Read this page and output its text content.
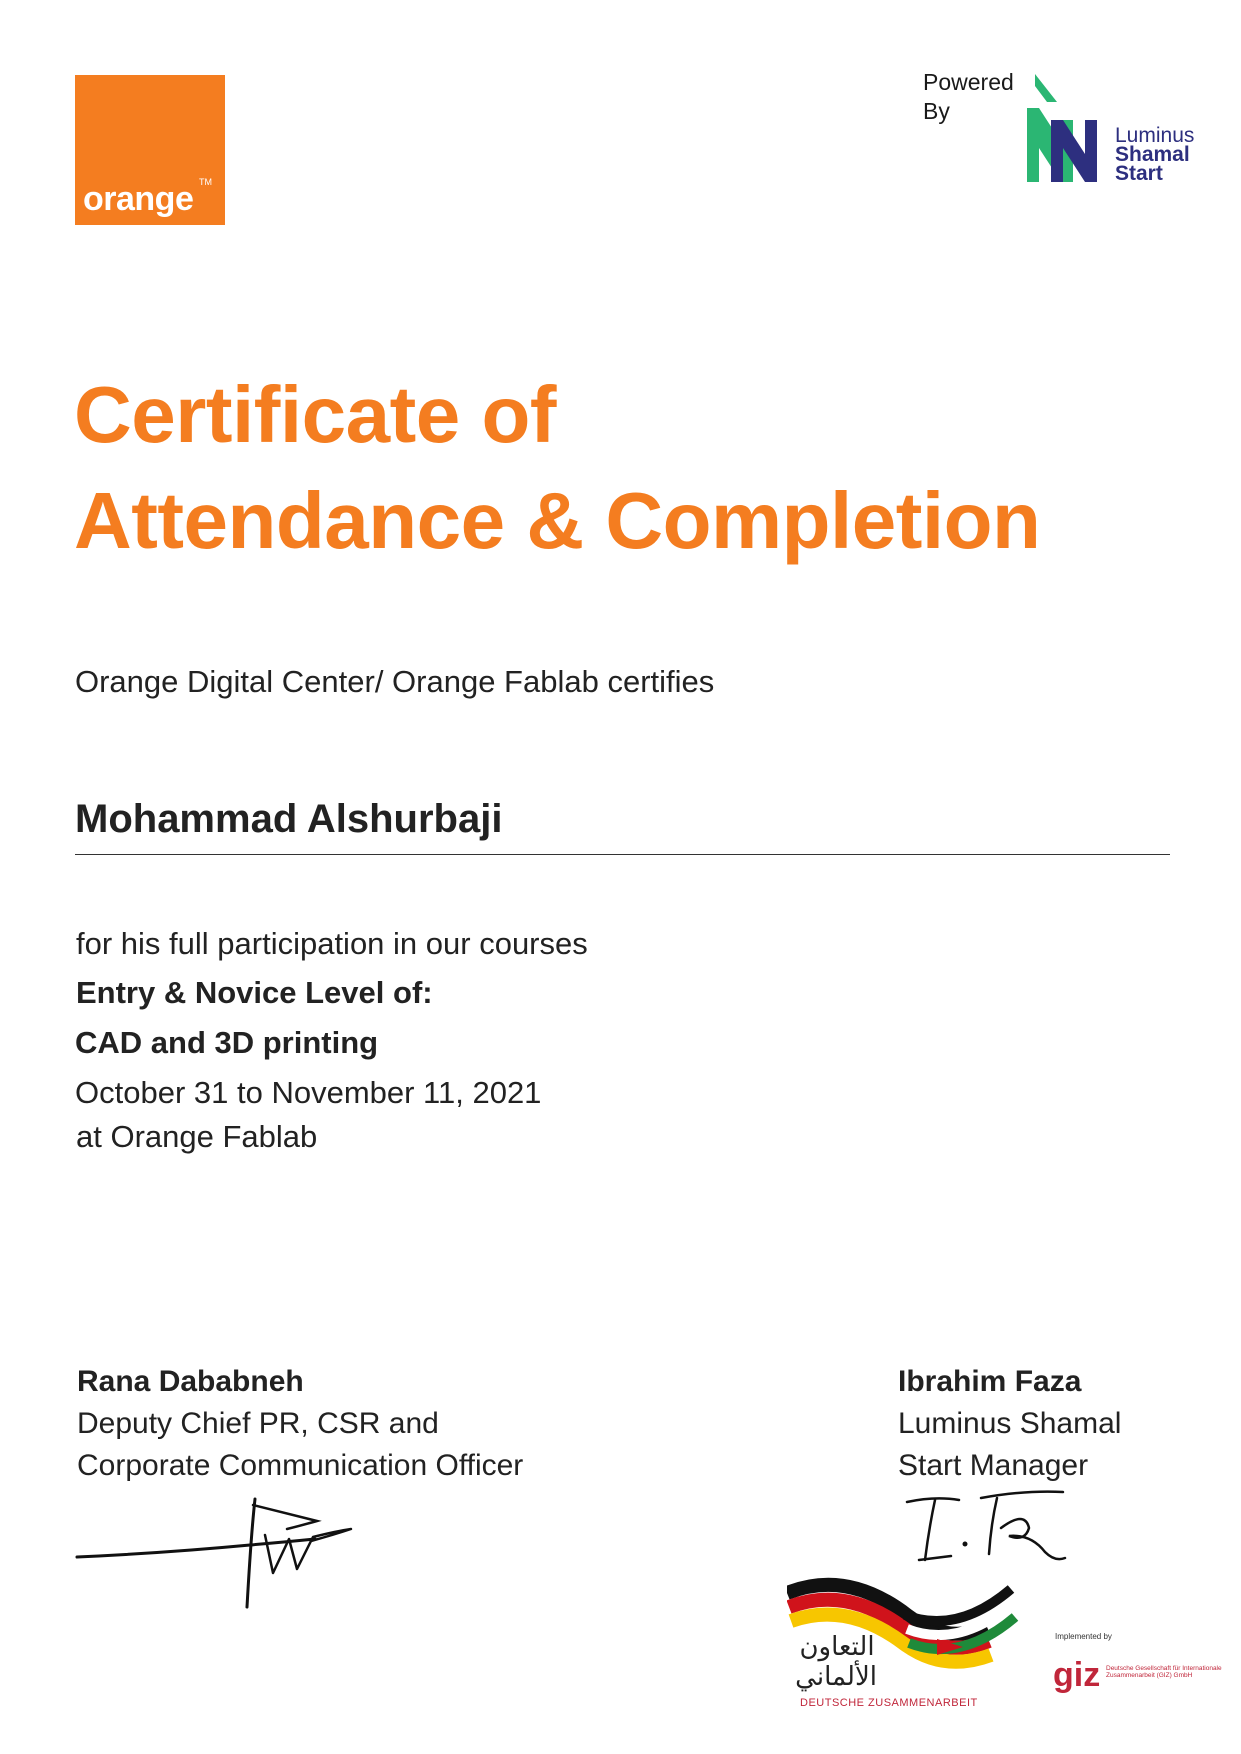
orange TM
Powered By
Luminus
Shamal
Start
Certificate of
Attendance & Completion
Orange Digital Center/ Orange Fablab certifies
Mohammad Alshurbaji
for his full participation in our courses
Entry & Novice Level of:
CAD and 3D printing
October 31 to November 11, 2021
at Orange Fablab
Rana Dababneh
Deputy Chief PR, CSR and
Corporate Communication Officer
Ibrahim Faza
Luminus Shamal
Start Manager
التعاون
الألماني
DEUTSCHE ZUSAMMENARBEIT
Implemented by
giz Deutsche Gesellschaft für Internationale Zusammenarbeit (GIZ) GmbH
